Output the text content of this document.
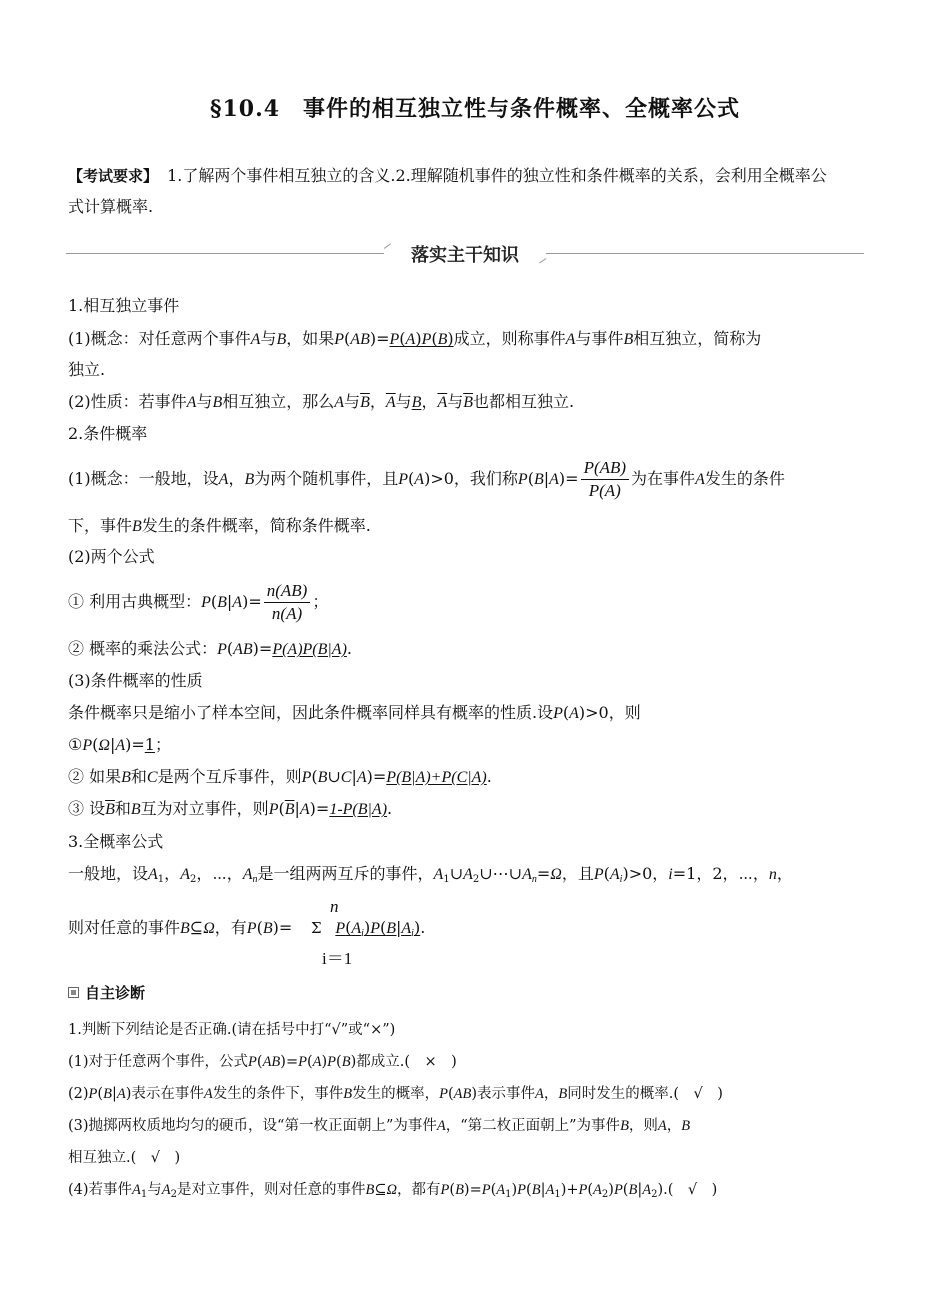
§10.4　事件的相互独立性与条件概率、全概率公式
【考试要求】 1.了解两个事件相互独立的含义.2.理解随机事件的独立性和条件概率的关系，会利用全概率公
式计算概率.
落实主干知识
1.相互独立事件
(1)概念：对任意两个事件A与B，如果P(AB)=P(A)P(B)成立，则称事件A与事件B相互独立，简称为
独立.
(2)性质：若事件A与B相互独立，那么A与$\overline{B}$，$\overline{A}$与B，$\overline{A}$与$\overline{B}$也都相互独立.
2.条件概率
(1)概念：一般地，设A，B为两个随机事件，且P(A)>0，我们称$P(B|A)= \frac{P(AB)}{P(A)}$ 为在事件A发生的条件
下，事件B发生的条件概率，简称条件概率.
(2)两个公式
① 利用古典概型：$P(B|A)= \frac{n(AB)}{n(A)}$ ；
② 概率的乘法公式：P(AB)=P(A)P(B|A).
(3)条件概率的性质
条件概率只是缩小了样本空间，因此条件概率同样具有概率的性质.设P(A)>0，则
①P(Ω|A)=1；
② 如果B和C是两个互斥事件，则P(B∪C|A)=P(B|A)+P(C|A).
③ 设$\overline{B}$和B互为对立事件，则$P(\overline{B}|A)=1-P(B|A)$.
3.全概率公式
一般地，设$A_1$，$A_2$，⋯，$A_n$是一组两两互斥的事件，$A_1\cup A_2\cup\cdots\cup A_n=\Omega$，且$P(A_i)>0$，i=1，2，⋯，n，
n
则对任意的事件B⊆Ω，有P(B)= Σ $P(A_i)P(B|A_i)$.
i＝1
自主诊断
1.判断下列结论是否正确.(请在括号中打“√”或“×”)
(1)对于任意两个事件，公式P(AB)=P(A)P(B)都成立.(　×　)
(2)P(B|A)表示在事件A发生的条件下，事件B发生的概率，P(AB)表示事件A，B同时发生的概率.(　√　)
(3)抛掷两枚质地均匀的硬币，设“第一枚正面朝上”为事件A，“第二枚正面朝上”为事件B，则A，B
相互独立.(　√　)
(4)若事件$A_1$与$A_2$是对立事件，则对任意的事件B⊆Ω，都有$P(B)=P(A_1)P(B|A_1)+P(A_2)P(B|A_2)$.(　√　)
